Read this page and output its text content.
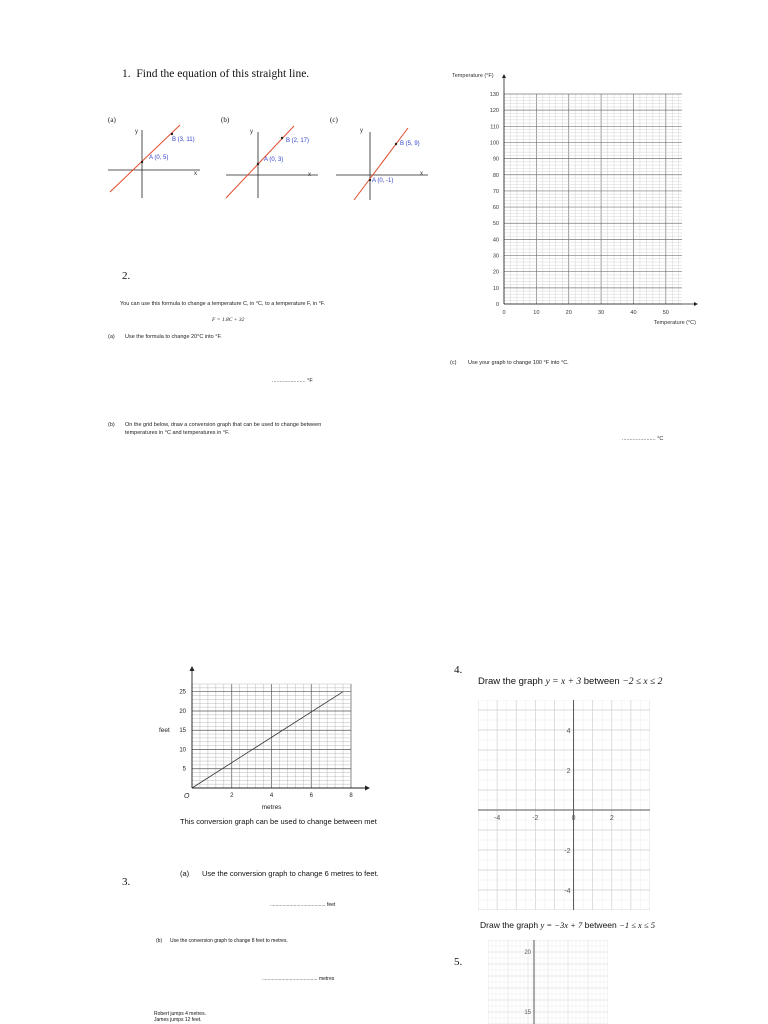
1. Find the equation of this straight line.
(a)
y
x
B (3, 11)
A (0, 5)
(b)
y
x
B (2, 17)
A (0, 3)
(c)
y
x
B (5, 9)
A (0, -1)
2.
You can use this formula to change a temperature C, in °C, to a temperature F, in °F.
F = 1.8C + 32
(a) Use the formula to change 20°C into °F.
...................... °F
(b) On the grid below, draw a conversion graph that can be used to change between
temperatures in °C and temperatures in °F.
(c) Use your graph to change 100 °F into °C.
...................... °C
0	10	20	30	40	50
0
10
20
30
40
50
60
70
80
90
100
110
120
130
Temperature (°F)
Temperature (°C)
2	4	6	8
5
10
15
20
25
O
feet
metres
This conversion graph can be used to change between met
3.
(a) Use the conversion graph to change 6 metres to feet.
........................................ feet
(b) Use the conversion graph to change 8 feet to metres.
........................................ metres
Robert jumps 4 metres.
James jumps 12 feet.
4.
Draw the graph y = x + 3 between −2 ≤ x ≤ 2
-4	-2	0	2
4
2
-2
-4
Draw the graph y = −3x + 7 between −1 ≤ x ≤ 5
5.
20
15
